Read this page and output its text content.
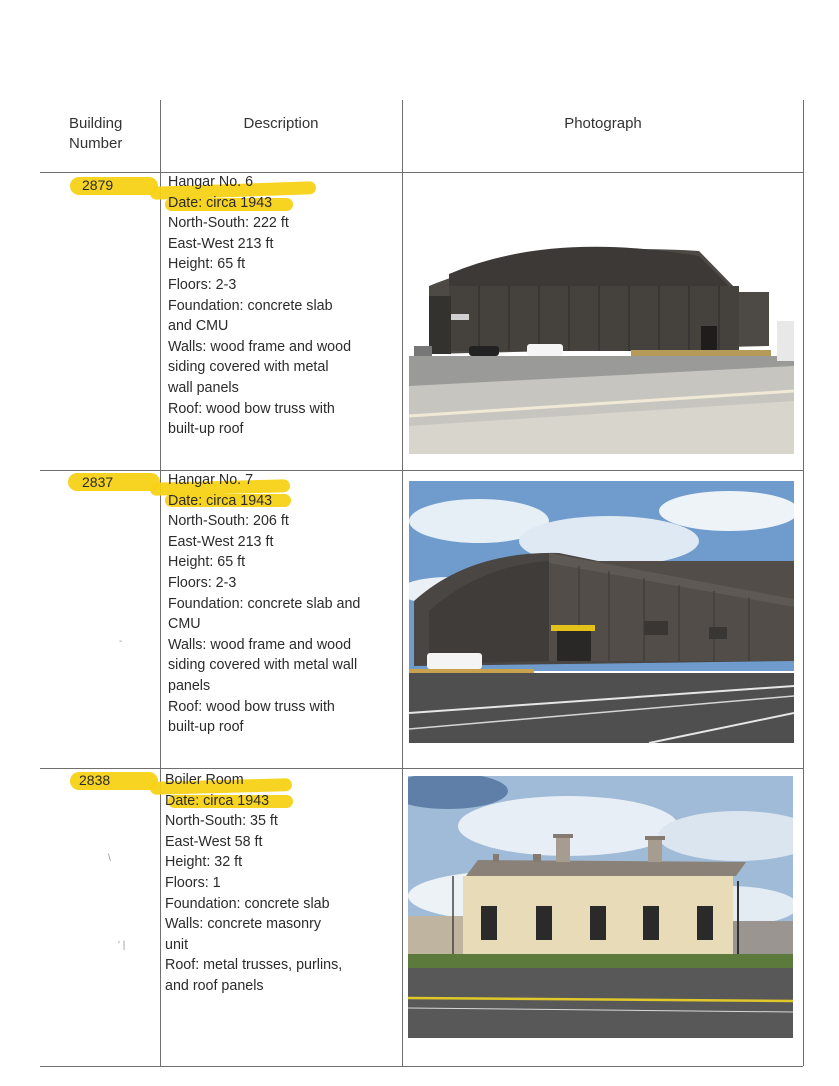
Building
Number
Description	Photograph
2879	Hangar No. 6
Date: circa 1943
North-South: 222 ft
East-West 213 ft
Height: 65 ft
Floors: 2-3
Foundation: concrete slab
and CMU
Walls: wood frame and wood
siding covered with metal
wall panels
Roof: wood bow truss with
built-up roof
2837	Hangar No. 7
Date: circa 1943
North-South: 206 ft
East-West 213 ft
Height: 65 ft
Floors: 2-3
Foundation: concrete slab and
CMU
Walls: wood frame and wood
siding covered with metal wall
panels
Roof: wood bow truss with
built-up roof
2838	Boiler Room
Date: circa 1943
North-South: 35 ft
East-West 58 ft
Height: 32 ft
Floors: 1
Foundation: concrete slab
Walls: concrete masonry
unit
Roof: metal trusses, purlins,
and roof panels
-
\
' |
